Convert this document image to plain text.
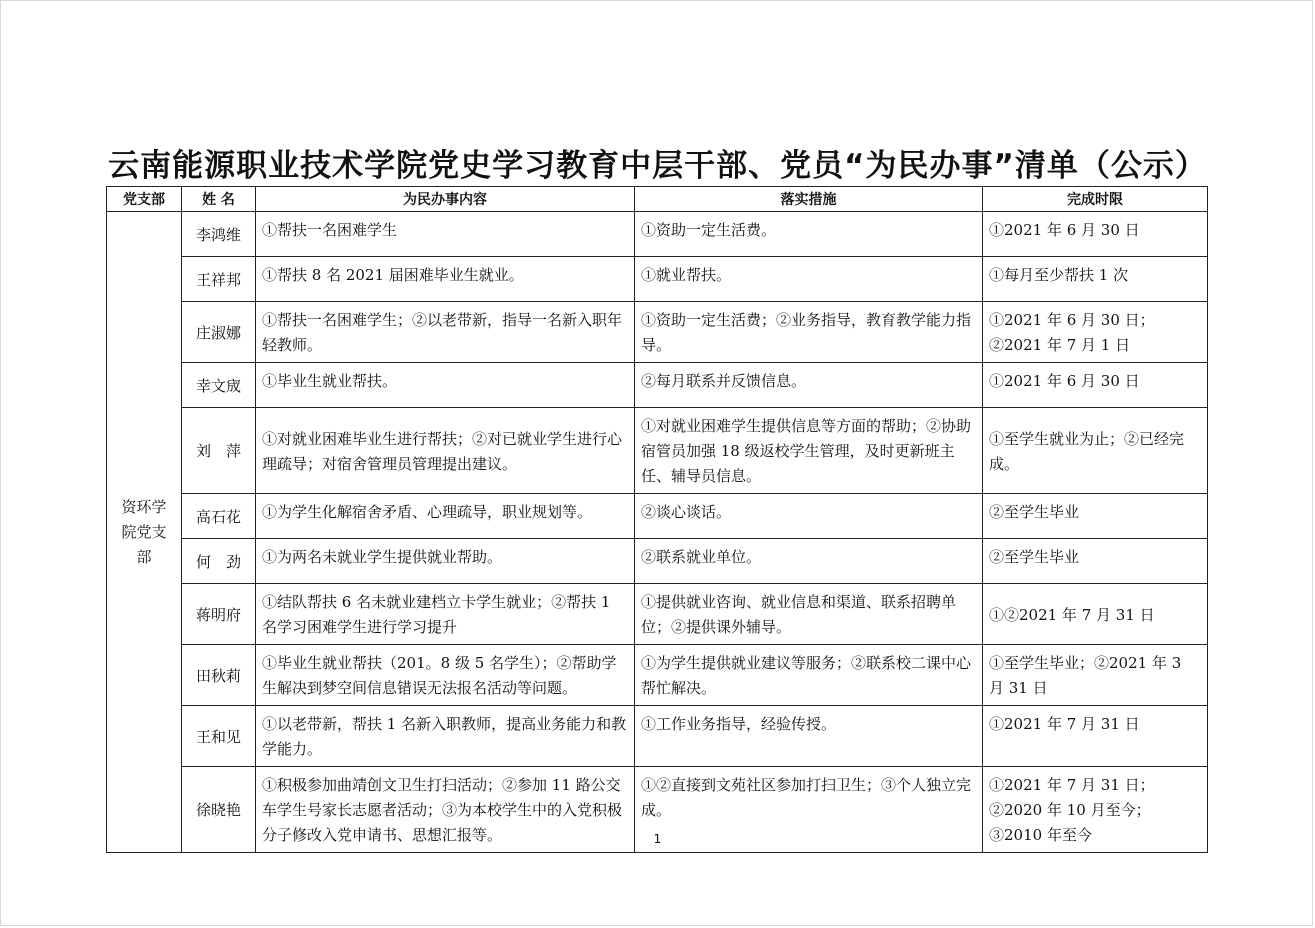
云南能源职业技术学院党史学习教育中层干部、党员“为民办事”清单（公示）
党支部	姓 名	为民办事内容	落实措施	完成时限
资环学院党支部	李鸿维	①帮扶一名困难学生	①资助一定生活费。	①2021 年 6 月 30 日
	王祥邦	①帮扶 8 名 2021 届困难毕业生就业。	①就业帮扶。	①每月至少帮扶 1 次
	庄淑娜	①帮扶一名困难学生；②以老带新，指导一名新入职年轻教师。	①资助一定生活费；②业务指导，教育教学能力指导。	①2021 年 6 月 30 日；②2021 年 7 月 1 日
	幸文宬	①毕业生就业帮扶。	②每月联系并反馈信息。	①2021 年 6 月 30 日
	刘　萍	①对就业困难毕业生进行帮扶；②对已就业学生进行心理疏导；对宿舍管理员管理提出建议。	①对就业困难学生提供信息等方面的帮助；②协助宿管员加强 18 级返校学生管理，及时更新班主任、辅导员信息。	①至学生就业为止；②已经完成。
	高石花	①为学生化解宿舍矛盾、心理疏导，职业规划等。	②谈心谈话。	②至学生毕业
	何　劲	①为两名未就业学生提供就业帮助。	②联系就业单位。	②至学生毕业
	蒋明府	①结队帮扶 6 名未就业建档立卡学生就业；②帮扶 1 名学习困难学生进行学习提升	①提供就业咨询、就业信息和渠道、联系招聘单位；②提供课外辅导。	①②2021 年 7 月 31 日
	田秋莉	①毕业生就业帮扶（201。8 级 5 名学生）；②帮助学生解决到梦空间信息错误无法报名活动等问题。	①为学生提供就业建议等服务；②联系校二课中心帮忙解决。	①至学生毕业；②2021 年 3 月 31 日
	王和见	①以老带新，帮扶 1 名新入职教师，提高业务能力和教学能力。	①工作业务指导，经验传授。	①2021 年 7 月 31 日
	徐晓艳	①积极参加曲靖创文卫生打扫活动；②参加 11 路公交车学生号家长志愿者活动；③为本校学生中的入党积极分子修改入党申请书、思想汇报等。	①②直接到文苑社区参加打扫卫生；③个人独立完成。	①2021 年 7 月 31 日；②2020 年 10 月至今；③2010 年至今
1
